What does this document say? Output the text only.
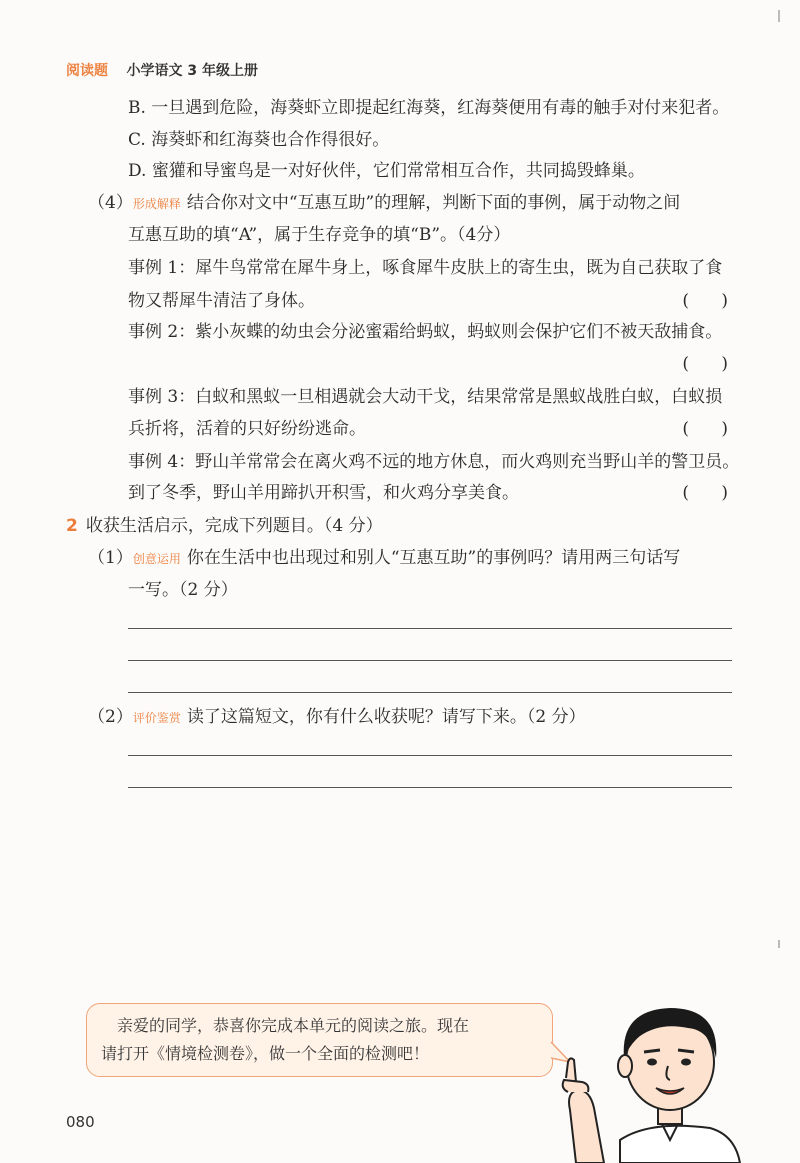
阅读题 小学语文 3 年级上册
B. 一旦遇到危险，海葵虾立即提起红海葵，红海葵便用有毒的触手对付来犯者。
C. 海葵虾和红海葵也合作得很好。
D. 蜜獾和导蜜鸟是一对好伙伴，它们常常相互合作，共同捣毁蜂巢。
（4）形成解释 结合你对文中“互惠互助”的理解，判断下面的事例，属于动物之间
互惠互助的填“A”，属于生存竞争的填“B”。（4分）
事例 1：犀牛鸟常常在犀牛身上，啄食犀牛皮肤上的寄生虫，既为自己获取了食
物又帮犀牛清洁了身体。	(      )
事例 2：紫小灰蝶的幼虫会分泌蜜霜给蚂蚁，蚂蚁则会保护它们不被天敌捕食。
(      )
事例 3：白蚁和黑蚁一旦相遇就会大动干戈，结果常常是黑蚁战胜白蚁，白蚁损
兵折将，活着的只好纷纷逃命。	(      )
事例 4：野山羊常常会在离火鸡不远的地方休息，而火鸡则充当野山羊的警卫员。
到了冬季，野山羊用蹄扒开积雪，和火鸡分享美食。	(      )
2 收获生活启示，完成下列题目。（4 分）
（1）创意运用 你在生活中也出现过和别人“互惠互助”的事例吗？请用两三句话写
一写。（2 分）
（2）评价鉴赏 读了这篇短文，你有什么收获呢？请写下来。（2 分）
亲爱的同学，恭喜你完成本单元的阅读之旅。现在
请打开《情境检测卷》，做一个全面的检测吧！
080
